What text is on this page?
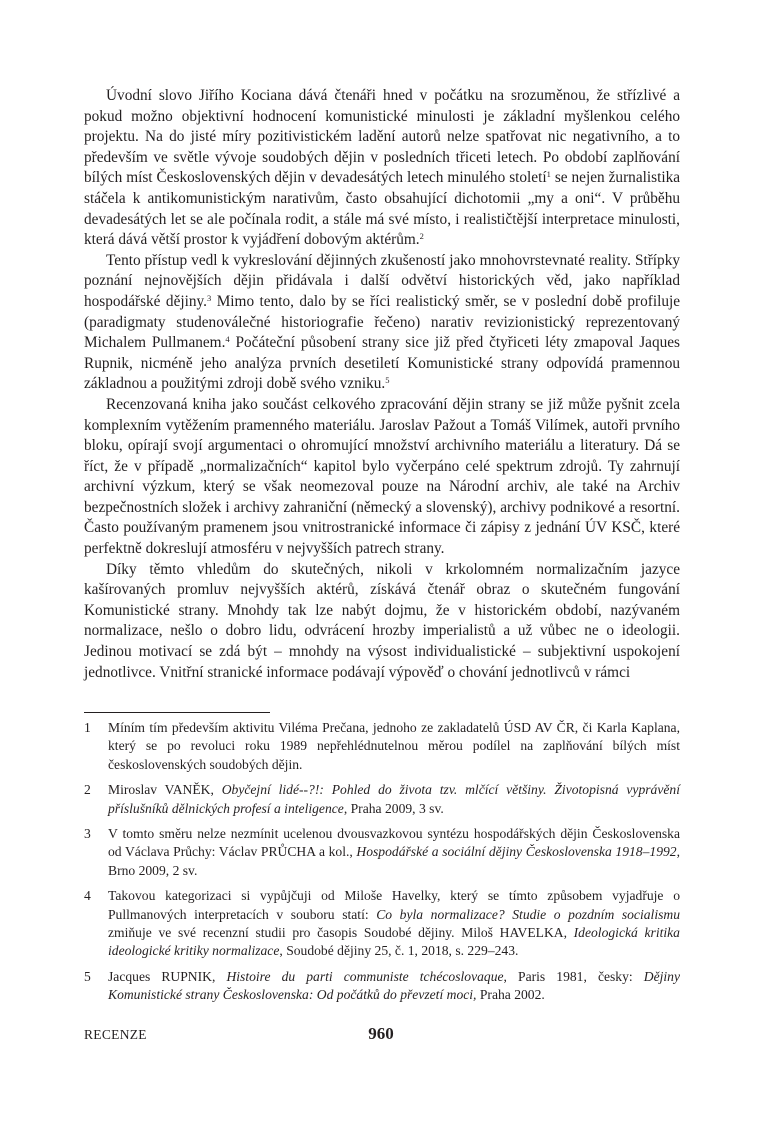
Úvodní slovo Jiřího Kociana dává čtenáři hned v počátku na srozuměnou, že střízlivé a pokud možno objektivní hodnocení komunistické minulosti je základní myšlenkou celého projektu. Na do jisté míry pozitivistickém ladění autorů nelze spatřovat nic negativního, a to především ve světle vývoje soudobých dějin v posledních třiceti letech. Po období zaplňování bílých míst Československých dějin v devadesátých letech minulého století$^1$ se nejen žurnalistika stáčela k antikomunistickým narativům, často obsahující dichotomii „my a oni“. V průběhu devadesátých let se ale počínala rodit, a stále má své místo, i realističtější interpretace minulosti, která dává větší prostor k vyjádření dobovým aktérům.$^2$

Tento přístup vedl k vykreslování dějinných zkušeností jako mnohovrstevnaté reality. Střípky poznání nejnovějších dějin přidávala i další odvětví historických věd, jako například hospodářské dějiny.$^3$ Mimo tento, dalo by se říci realistický směr, se v poslední době profiluje (paradigmaty studenoválečné historiografie řečeno) narativ revizionistický reprezentovaný Michalem Pullmanem.$^4$ Počáteční působení strany sice již před čtyřiceti léty zmapoval Jaques Rupnik, nicméně jeho analýza prvních desetiletí Komunistické strany odpovídá pramennou základnou a použitými zdroji době svého vzniku.$^5$

Recenzovaná kniha jako součást celkového zpracování dějin strany se již může pyšnit zcela komplexním vytěžením pramenného materiálu. Jaroslav Pažout a Tomáš Vilímek, autoři prvního bloku, opírají svojí argumentaci o ohromující množství archivního materiálu a literatury. Dá se říct, že v případě „normalizačních“ kapitol bylo vyčerpáno celé spektrum zdrojů. Ty zahrnují archivní výzkum, který se však neomezoval pouze na Národní archiv, ale také na Archiv bezpečnostních složek i archivy zahraniční (německý a slovenský), archivy podnikové a resortní. Často používaným pramenem jsou vnitrostranické informace či zápisy z jednání ÚV KSČ, které perfektně dokreslují atmosféru v nejvyšších patrech strany.

Díky těmto vhledům do skutečných, nikoli v krkolomném normalizačním jazyce kašírovaných promluv nejvyšších aktérů, získává čtenář obraz o skutečném fungování Komunistické strany. Mnohdy tak lze nabýt dojmu, že v historickém období, nazývaném normalizace, nešlo o dobro lidu, odvrácení hrozby imperialistů a už vůbec ne o ideologii. Jedinou motivací se zdá být – mnohdy na výsost individualistické – subjektivní uspokojení jednotlivce. Vnitřní stranické informace podávají výpověď o chování jednotlivců v rámci

1	Míním tím především aktivitu Viléma Prečana, jednoho ze zakladatelů ÚSD AV ČR, či Karla Kaplana, který se po revoluci roku 1989 nepřehlédnutelnou měrou podílel na zaplňování bílých míst československých soudobých dějin.
2	Miroslav VANĚK, Obyčejní lidé--?!: Pohled do života tzv. mlčící většiny. Životopisná vyprávění příslušníků dělnických profesí a inteligence, Praha 2009, 3 sv.
3	V tomto směru nelze nezmínit ucelenou dvousvazkovou syntézu hospodářských dějin Československa od Václava Průchy: Václav PRŮCHA a kol., Hospodářské a sociální dějiny Československa 1918–1992, Brno 2009, 2 sv.
4	Takovou kategorizaci si vypůjčuji od Miloše Havelky, který se tímto způsobem vyjadřuje o Pullmanových interpretacích v souboru statí: Co byla normalizace? Studie o pozdním socialismu zmiňuje ve své recenzní studii pro časopis Soudobé dějiny. Miloš HAVELKA, Ideologická kritika ideologické kritiky normalizace, Soudobé dějiny 25, č. 1, 2018, s. 229–243.
5	Jacques RUPNIK, Histoire du parti communiste tchécoslovaque, Paris 1981, česky: Dějiny Komunistické strany Československa: Od počátků do převzetí moci, Praha 2002.
RECENZE	960
